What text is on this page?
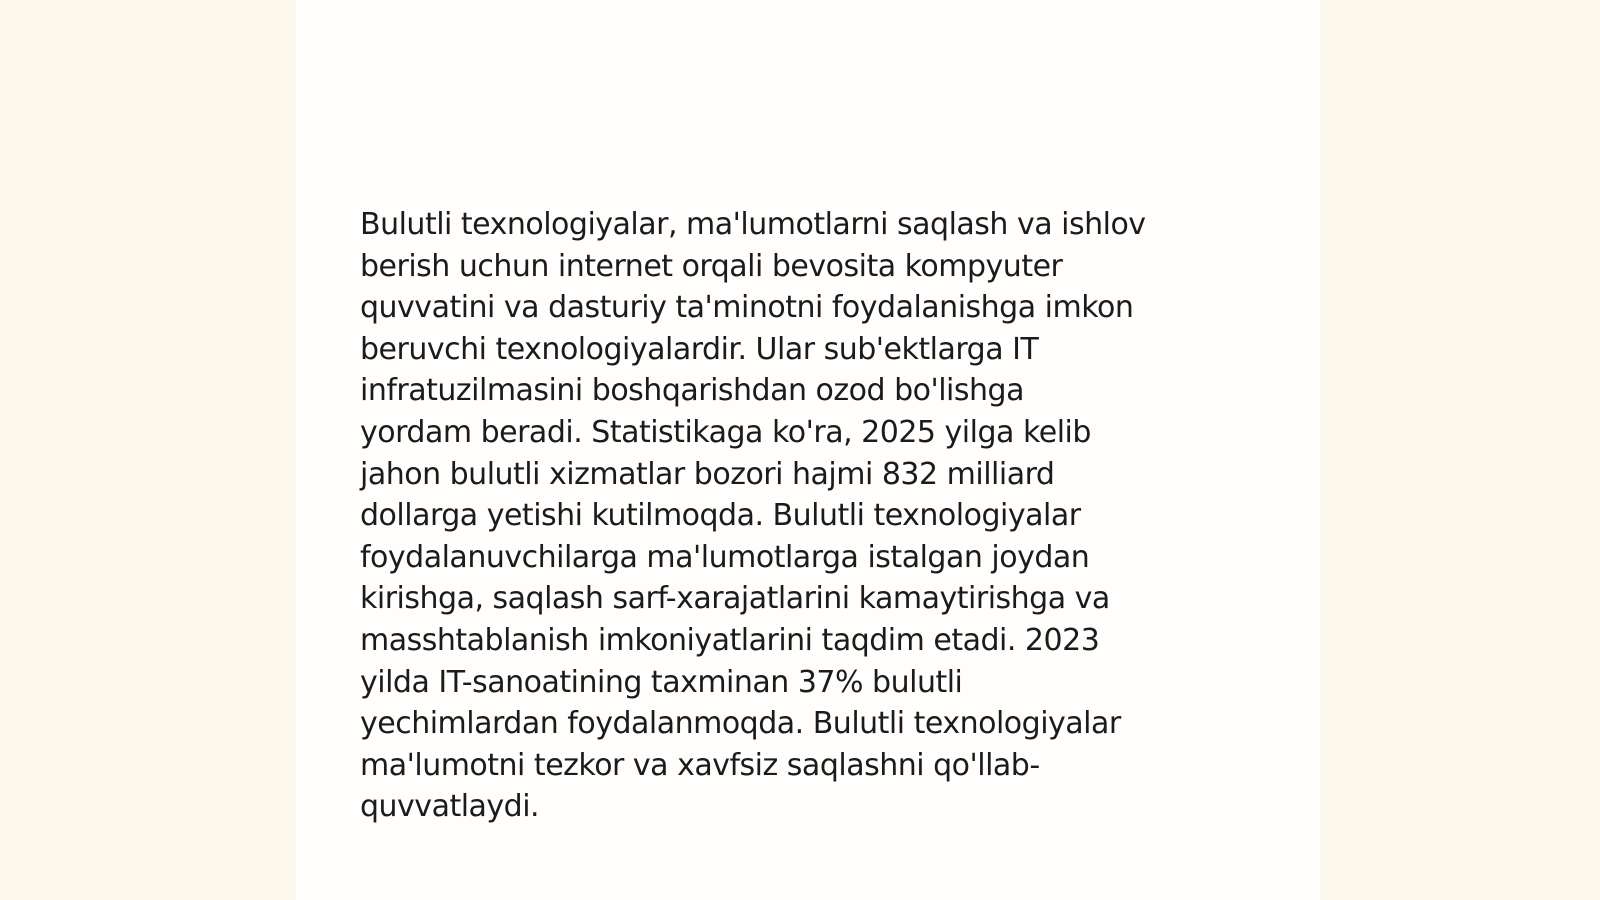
Bulutli texnologiyalar, ma'lumotlarni saqlash va ishlov
berish uchun internet orqali bevosita kompyuter
quvvatini va dasturiy ta'minotni foydalanishga imkon
beruvchi texnologiyalardir. Ular sub'ektlarga IT
infratuzilmasini boshqarishdan ozod bo'lishga
yordam beradi. Statistikaga ko'ra, 2025 yilga kelib
jahon bulutli xizmatlar bozori hajmi 832 milliard
dollarga yetishi kutilmoqda. Bulutli texnologiyalar
foydalanuvchilarga ma'lumotlarga istalgan joydan
kirishga, saqlash sarf-xarajatlarini kamaytirishga va
masshtablanish imkoniyatlarini taqdim etadi. 2023
yilda IT-sanoatining taxminan 37% bulutli
yechimlardan foydalanmoqda. Bulutli texnologiyalar
ma'lumotni tezkor va xavfsiz saqlashni qo'llab-
quvvatlaydi.
